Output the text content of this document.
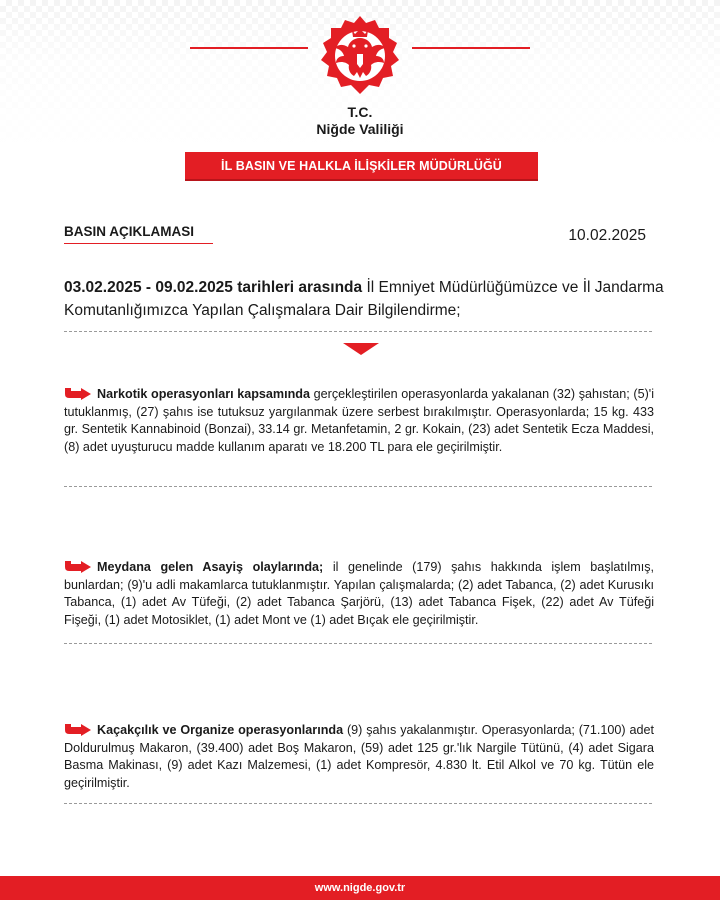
T.C.
Niğde Valiliği
İL BASIN VE HALKLA İLİŞKİLER MÜDÜRLÜĞÜ
BASIN AÇIKLAMASI	10.02.2025
03.02.2025 - 09.02.2025 tarihleri arasında İl Emniyet Müdürlüğümüzce ve İl Jandarma Komutanlığımızca Yapılan Çalışmalara Dair Bilgilendirme;
Narkotik operasyonları kapsamında gerçekleştirilen operasyonlarda yakalanan (32) şahıstan; (5)'i tutuklanmış, (27) şahıs ise tutuksuz yargılanmak üzere serbest bırakılmıştır. Operasyonlarda; 15 kg. 433 gr. Sentetik Kannabinoid (Bonzai), 33.14 gr. Metanfetamin, 2 gr. Kokain, (23) adet Sentetik Ecza Maddesi, (8) adet uyuşturucu madde kullanım aparatı ve 18.200 TL para ele geçirilmiştir.
Meydana gelen Asayiş olaylarında; il genelinde (179) şahıs hakkında işlem başlatılmış, bunlardan; (9)'u adli makamlarca tutuklanmıştır. Yapılan çalışmalarda; (2) adet Tabanca, (2) adet Kurusıkı Tabanca, (1) adet Av Tüfeği, (2) adet Tabanca Şarjörü, (13) adet Tabanca Fişek, (22) adet Av Tüfeği Fişeği, (1) adet Motosiklet, (1) adet Mont ve (1) adet Bıçak ele geçirilmiştir.
Kaçakçılık ve Organize operasyonlarında (9) şahıs yakalanmıştır. Operasyonlarda; (71.100) adet Doldurulmuş Makaron, (39.400) adet Boş Makaron, (59) adet 125 gr.'lık Nargile Tütünü, (4) adet Sigara Basma Makinası, (9) adet Kazı Malzemesi, (1) adet Kompresör, 4.830 lt. Etil Alkol ve 70 kg. Tütün ele geçirilmiştir.
www.nigde.gov.tr
